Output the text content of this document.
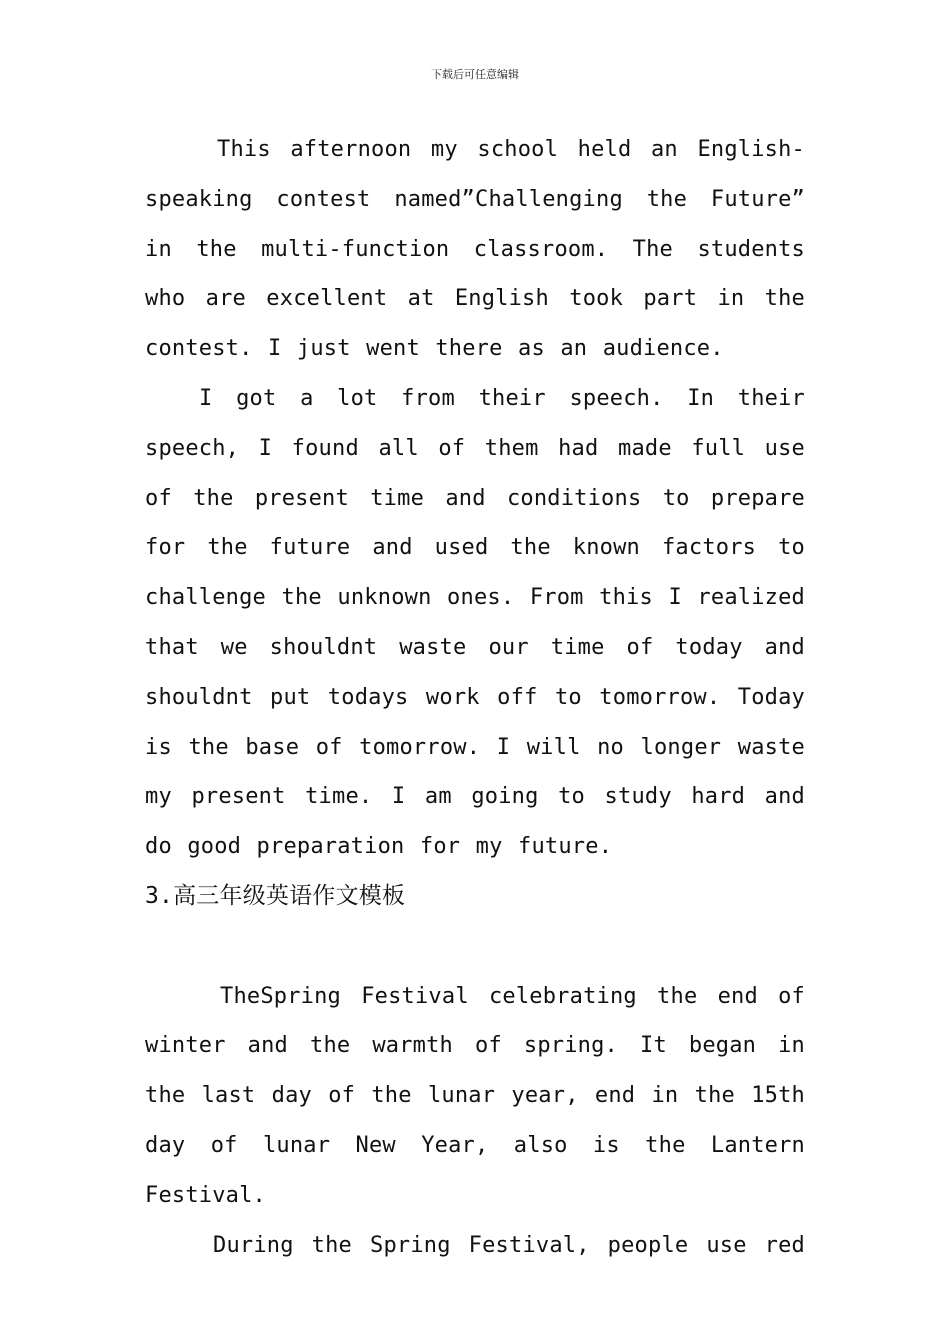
下载后可任意编辑

This afternoon my school held an English-speaking contest named”Challenging the Future” in the multi-function classroom. The students who are excellent at English took part in the contest. I just went there as an audience.

I got a lot from their speech. In their speech, I found all of them had made full use of the present time and conditions to prepare for the future and used the known factors to challenge the unknown ones. From this I realized that we shouldnt waste our time of today and shouldnt put todays work off to tomorrow. Today is the base of tomorrow. I will no longer waste my present time. I am going to study hard and do good preparation for my future.

3.高三年级英语作文模板

TheSpring Festival celebrating the end of winter and the warmth of spring. It began in the last day of the lunar year, end in the 15th day of lunar New Year, also is the Lantern Festival.

During the Spring Festival, people use red
